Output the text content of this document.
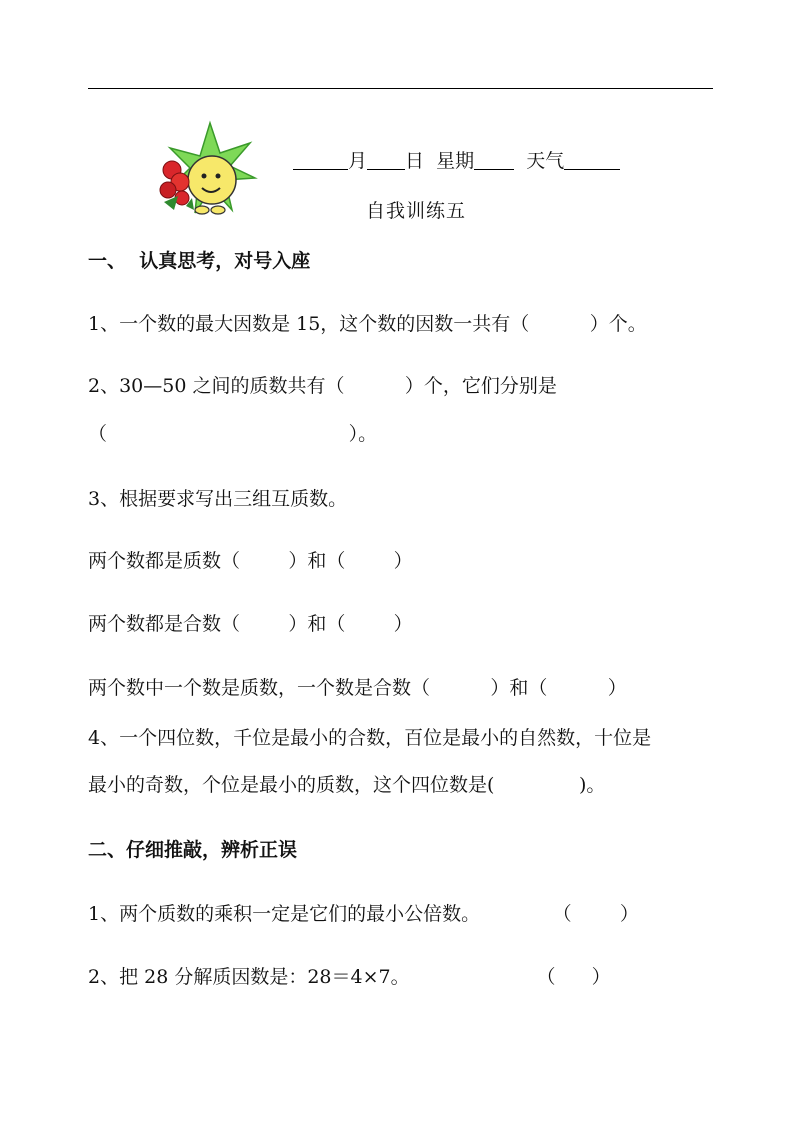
月 日 星期	天气
自我训练五
一、  认真思考，对号入座
1、一个数的最大因数是 15，这个数的因数一共有（          ）个。
2、30—50 之间的质数共有（          ）个，它们分别是
（                                        ）。
3、根据要求写出三组互质数。
两个数都是质数（        ）和（        ）
两个数都是合数（        ）和（        ）
两个数中一个数是质数，一个数是合数（          ）和（          ）
4、一个四位数，千位是最小的合数，百位是最小的自然数，十位是
最小的奇数，个位是最小的质数，这个四位数是(              )。
二、仔细推敲，辨析正误
1、两个质数的乘积一定是它们的最小公倍数。            （        ）
2、把 28 分解质因数是：28＝4×7。                     （      ）
